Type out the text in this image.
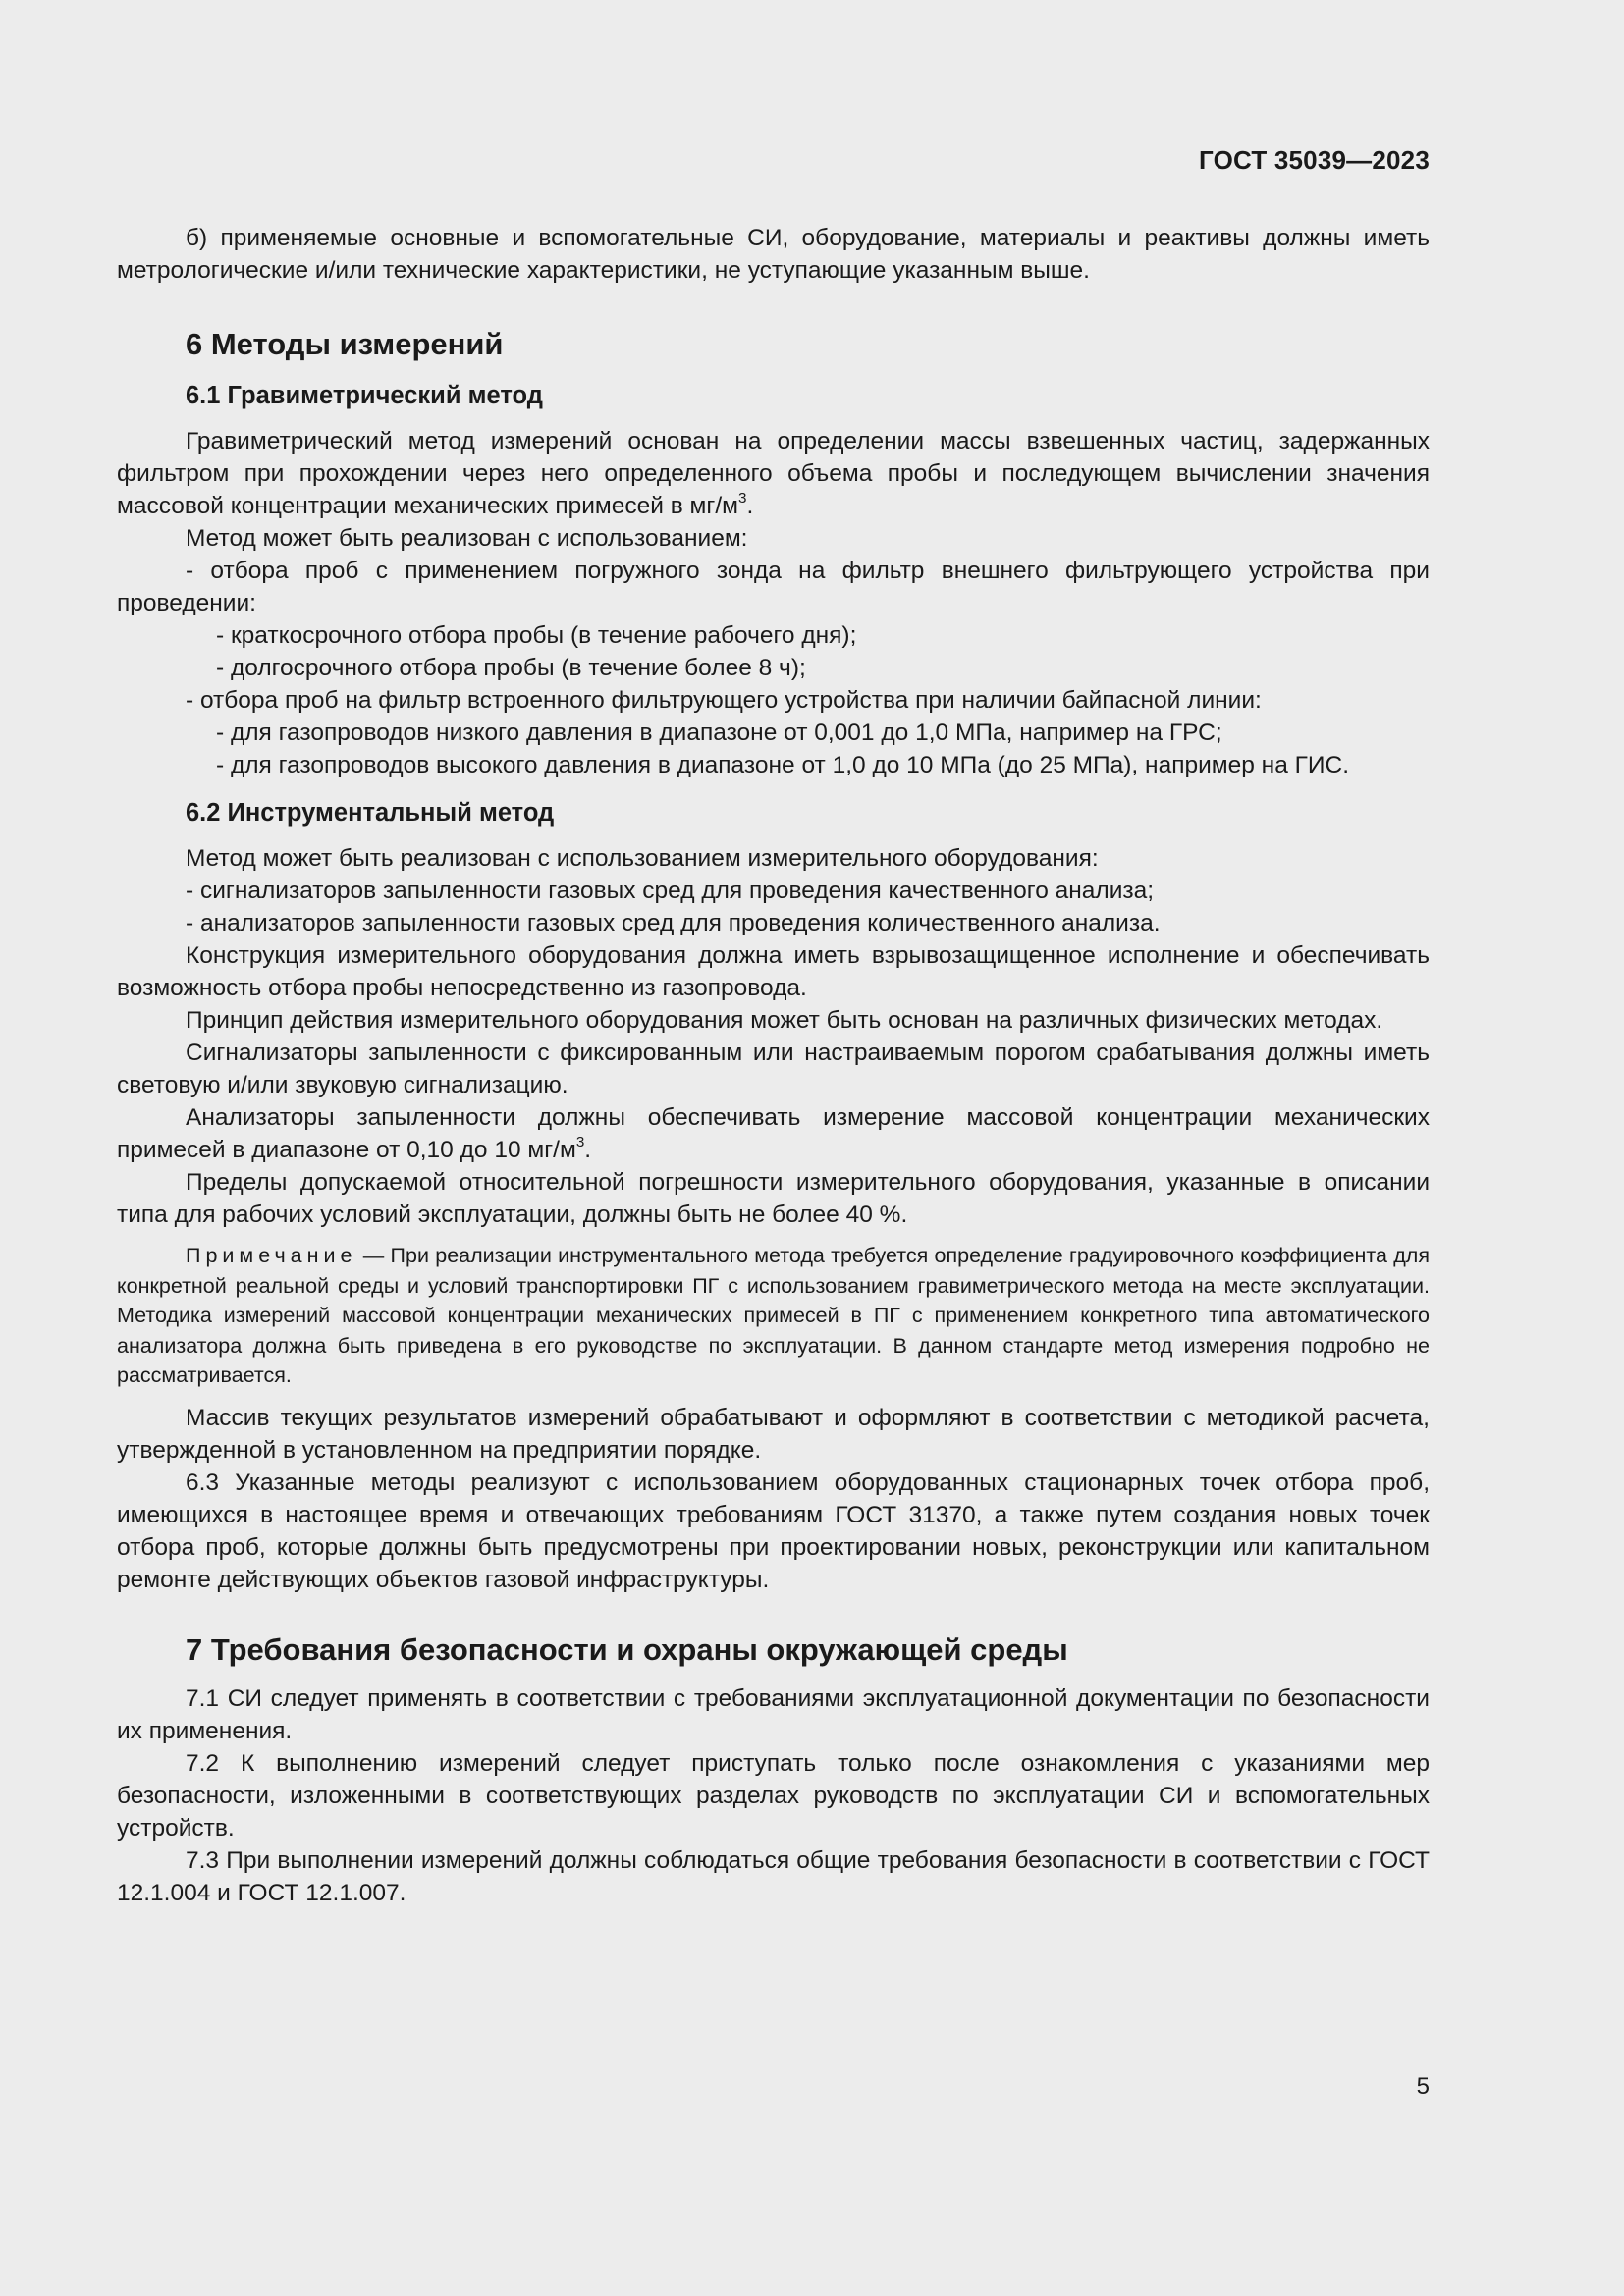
ГОСТ 35039—2023

б) применяемые основные и вспомогательные СИ, оборудование, материалы и реактивы должны иметь метрологические и/или технические характеристики, не уступающие указанным выше.

6 Методы измерений
6.1 Гравиметрический метод

Гравиметрический метод измерений основан на определении массы взвешенных частиц, задержанных фильтром при прохождении через него определенного объема пробы и последующем вычислении значения массовой концентрации механических примесей в $мг/м^3$.

Метод может быть реализован с использованием:

- отбора проб с применением погружного зонда на фильтр внешнего фильтрующего устройства при проведении:

- краткосрочного отбора пробы (в течение рабочего дня);

- долгосрочного отбора пробы (в течение более 8 ч);

- отбора проб на фильтр встроенного фильтрующего устройства при наличии байпасной линии:

- для газопроводов низкого давления в диапазоне от 0,001 до 1,0 МПа, например на ГРС;

- для газопроводов высокого давления в диапазоне от 1,0 до 10 МПа (до 25 МПа), например на ГИС.

6.2 Инструментальный метод

Метод может быть реализован с использованием измерительного оборудования:

- сигнализаторов запыленности газовых сред для проведения качественного анализа;

- анализаторов запыленности газовых сред для проведения количественного анализа.

Конструкция измерительного оборудования должна иметь взрывозащищенное исполнение и обеспечивать возможность отбора пробы непосредственно из газопровода.

Принцип действия измерительного оборудования может быть основан на различных физических методах.

Сигнализаторы запыленности с фиксированным или настраиваемым порогом срабатывания должны иметь световую и/или звуковую сигнализацию.

Анализаторы запыленности должны обеспечивать измерение массовой концентрации механических примесей в диапазоне от 0,10 до 10 $мг/м^3$.

Пределы допускаемой относительной погрешности измерительного оборудования, указанные в описании типа для рабочих условий эксплуатации, должны быть не более 40 %.

Примечание — При реализации инструментального метода требуется определение градуировочного коэффициента для конкретной реальной среды и условий транспортировки ПГ с использованием гравиметрического метода на месте эксплуатации. Методика измерений массовой концентрации механических примесей в ПГ с применением конкретного типа автоматического анализатора должна быть приведена в его руководстве по эксплуатации. В данном стандарте метод измерения подробно не рассматривается.

Массив текущих результатов измерений обрабатывают и оформляют в соответствии с методикой расчета, утвержденной в установленном на предприятии порядке.

6.3 Указанные методы реализуют с использованием оборудованных стационарных точек отбора проб, имеющихся в настоящее время и отвечающих требованиям ГОСТ 31370, а также путем создания новых точек отбора проб, которые должны быть предусмотрены при проектировании новых, реконструкции или капитальном ремонте действующих объектов газовой инфраструктуры.

7 Требования безопасности и охраны окружающей среды

7.1 СИ следует применять в соответствии с требованиями эксплуатационной документации по безопасности их применения.

7.2 К выполнению измерений следует приступать только после ознакомления с указаниями мер безопасности, изложенными в соответствующих разделах руководств по эксплуатации СИ и вспомогательных устройств.

7.3 При выполнении измерений должны соблюдаться общие требования безопасности в соответствии с ГОСТ 12.1.004 и ГОСТ 12.1.007.

5
